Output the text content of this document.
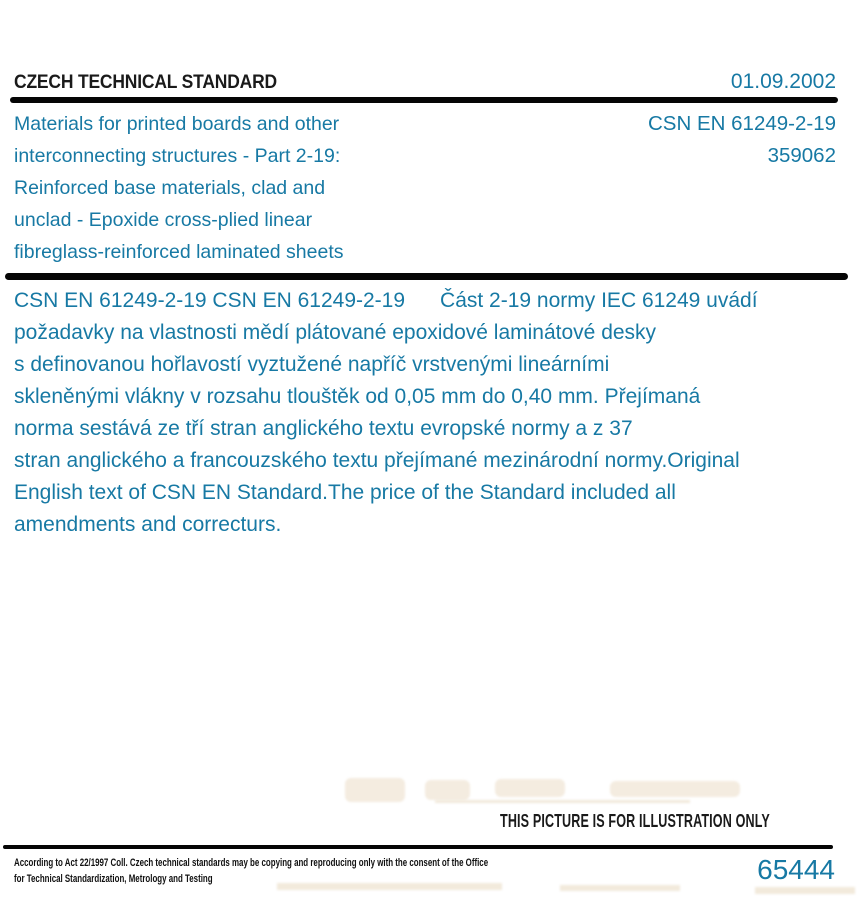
CZECH TECHNICAL STANDARD	01.09.2002
Materials for printed boards and other
interconnecting structures - Part 2-19:
Reinforced base materials, clad and
unclad - Epoxide cross-plied linear
fibreglass-reinforced laminated sheets
CSN EN 61249-2-19
359062
CSN EN 61249-2-19 CSN EN 61249-2-19      Část 2-19 normy IEC 61249 uvádí
požadavky na vlastnosti mědí plátované epoxidové laminátové desky
s definovanou hořlavostí vyztužené napříč vrstvenými lineárními
skleněnými vlákny v rozsahu tlouštěk od 0,05 mm do 0,40 mm. Přejímaná
norma sestává ze tří stran anglického textu evropské normy a z 37
stran anglického a francouzského textu přejímané mezinárodní normy.Original
English text of CSN EN Standard.The price of the Standard included all
amendments and correcturs.
THIS PICTURE IS FOR ILLUSTRATION ONLY
According to Act 22/1997 Coll. Czech technical standards may be copying and reproducing only with the consent of the Office
for Technical Standardization, Metrology and Testing	65444
